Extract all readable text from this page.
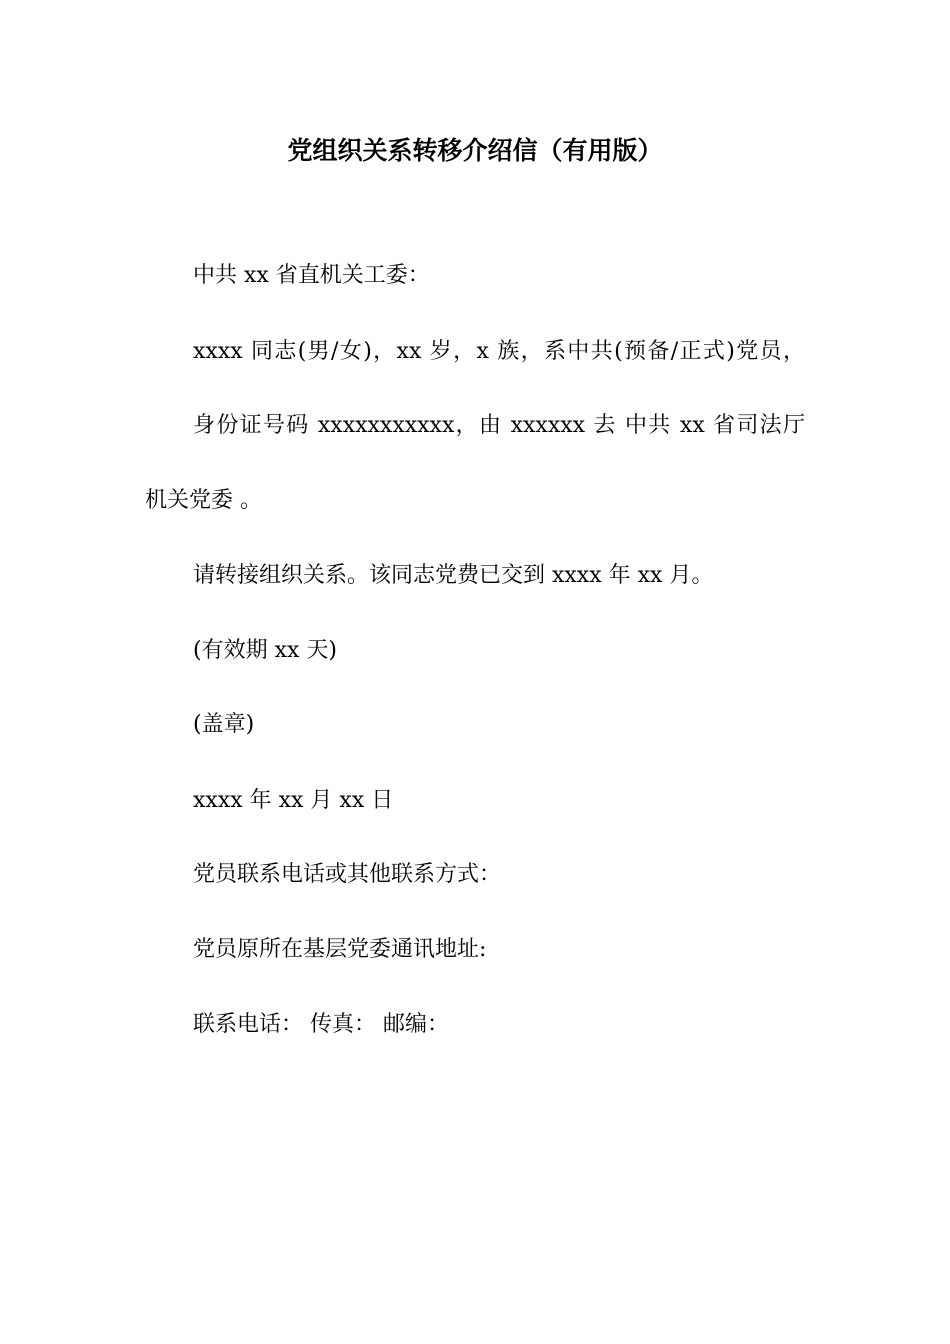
党组织关系转移介绍信（有用版）
中共 xx 省直机关工委：
xxxx 同志(男/女)，xx 岁，x 族，系中共(预备/正式)党员，
身份证号码 xxxxxxxxxxx，由 xxxxxx 去 中共 xx 省司法厅
机关党委 。
请转接组织关系。该同志党费已交到 xxxx 年 xx 月。
(有效期 xx 天)
(盖章)
xxxx 年 xx 月 xx 日
党员联系电话或其他联系方式：
党员原所在基层党委通讯地址:
联系电话： 传真： 邮编：
